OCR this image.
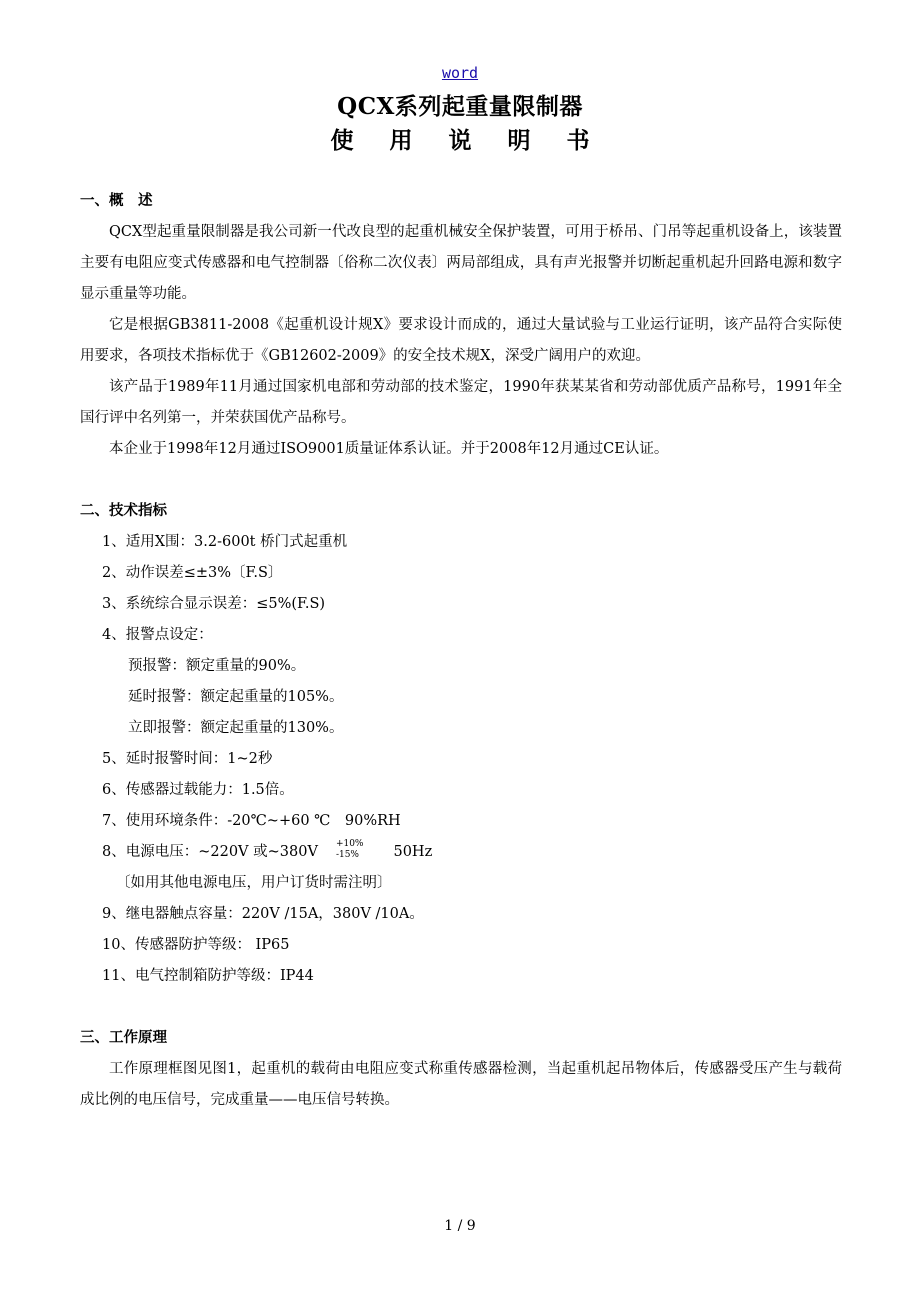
word
QCX系列起重量限制器
使用说明书
一、概　述

QCX型起重量限制器是我公司新一代改良型的起重机械安全保护装置，可用于桥吊、门吊等起重机设备上，该装置主要有电阻应变式传感器和电气控制器〔俗称二次仪表〕两局部组成，具有声光报警并切断起重机起升回路电源和数字显示重量等功能。

它是根据GB3811-2008《起重机设计规X》要求设计而成的，通过大量试验与工业运行证明，该产品符合实际使用要求，各项技术指标优于《GB12602-2009》的安全技术规X，深受广阔用户的欢迎。

该产品于1989年11月通过国家机电部和劳动部的技术鉴定，1990年获某某省和劳动部优质产品称号，1991年全国行评中名列第一，并荣获国优产品称号。

本企业于1998年12月通过ISO9001质量证体系认证。并于2008年12月通过CE认证。

二、技术指标
1、适用X围：3.2-600t 桥门式起重机
2、动作误差≤±3%〔F.S〕
3、系统综合显示误差：≤5%(F.S)
4、报警点设定：
预报警：额定重量的90%。
延时报警：额定起重量的105%。
立即报警：额定起重量的130%。
5、延时报警时间：1~2秒
6、传感器过载能力：1.5倍。
7、使用环境条件：-20℃~+60 ℃　90%RH
8、电源电压：~220V 或~380V +10%
-15%	50Hz
〔如用其他电源电压，用户订货时需注明〕
9、继电器触点容量：220V /15A，380V /10A。
10、传感器防护等级： IP65
11、电气控制箱防护等级：IP44
三、工作原理

工作原理框图见图1，起重机的载荷由电阻应变式称重传感器检测，当起重机起吊物体后，传感器受压产生与载荷成比例的电压信号，完成重量——电压信号转换。

1 / 9
